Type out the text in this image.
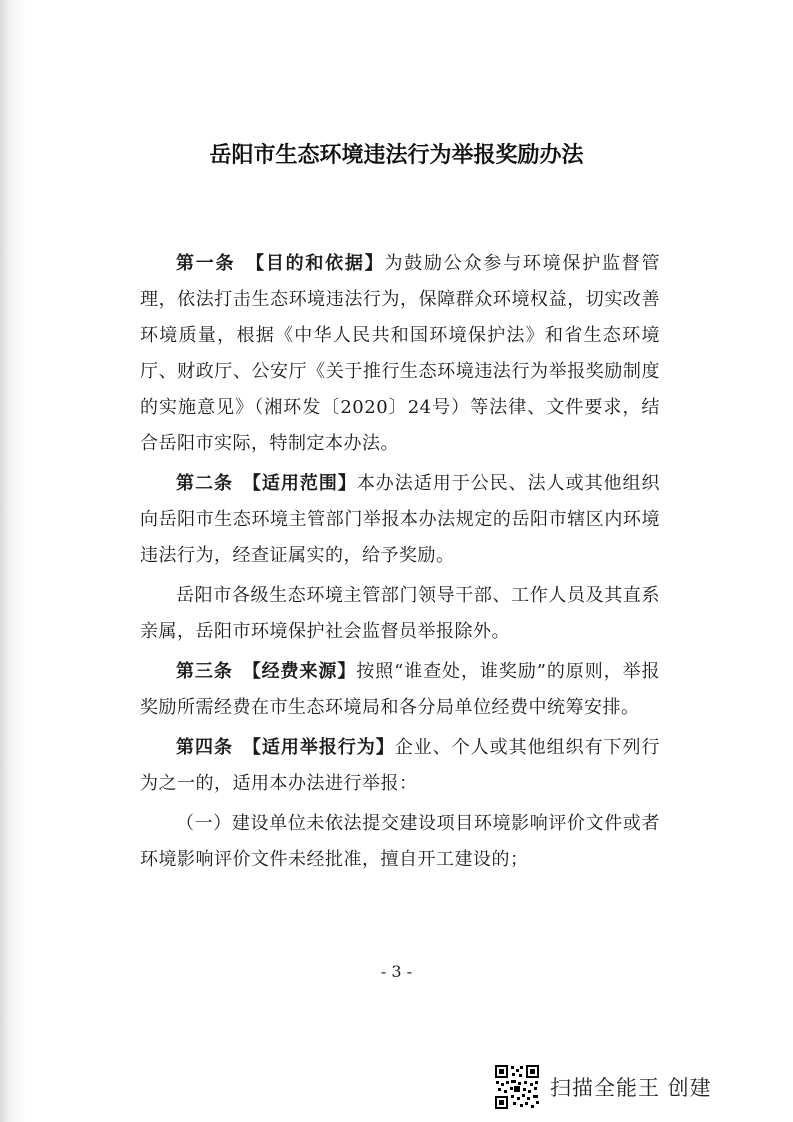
岳阳市生态环境违法行为举报奖励办法

第一条　【目的和依据】为鼓励公众参与环境保护监督管理，依法打击生态环境违法行为，保障群众环境权益，切实改善环境质量，根据《中华人民共和国环境保护法》和省生态环境厅、财政厅、公安厅《关于推行生态环境违法行为举报奖励制度的实施意见》（湘环发〔2020〕24号）等法律、文件要求，结合岳阳市实际，特制定本办法。

第二条　【适用范围】本办法适用于公民、法人或其他组织向岳阳市生态环境主管部门举报本办法规定的岳阳市辖区内环境违法行为，经查证属实的，给予奖励。

岳阳市各级生态环境主管部门领导干部、工作人员及其直系亲属，岳阳市环境保护社会监督员举报除外。

第三条　【经费来源】按照“谁查处，谁奖励”的原则，举报奖励所需经费在市生态环境局和各分局单位经费中统筹安排。

第四条　【适用举报行为】企业、个人或其他组织有下列行为之一的，适用本办法进行举报：

（一）建设单位未依法提交建设项目环境影响评价文件或者环境影响评价文件未经批准，擅自开工建设的；

- 3 -
扫描全能王 创建
